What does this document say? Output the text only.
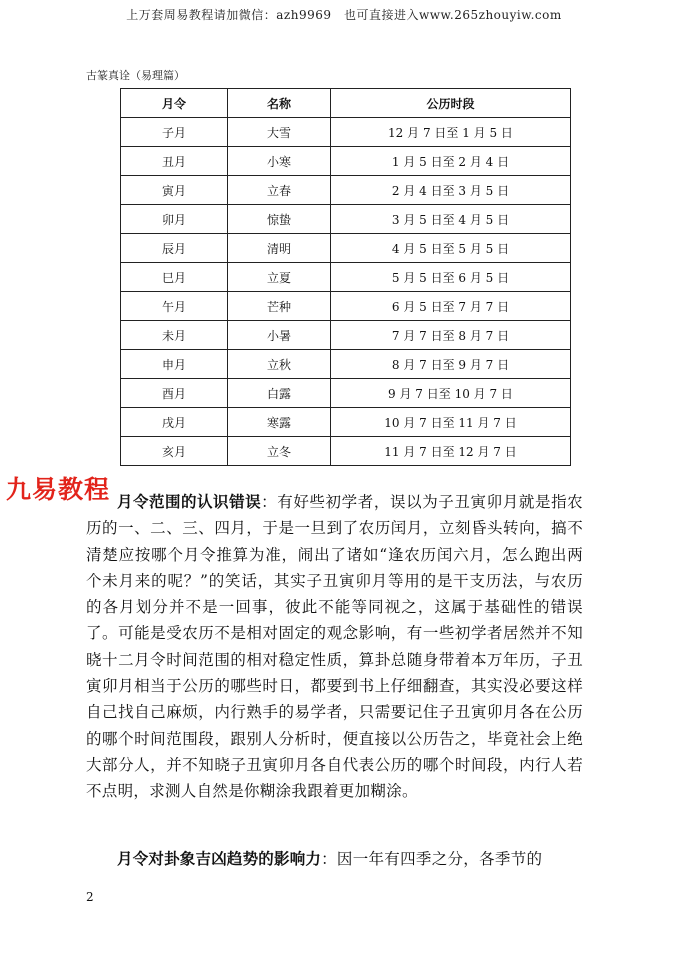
上万套周易教程请加微信：azh9969　也可直接进入www.265zhouyiw.com
古篆真诠（易理篇）
月令	名称	公历时段
子月	大雪	12 月 7 日至 1 月 5 日
丑月	小寒	1 月 5 日至 2 月 4 日
寅月	立春	2 月 4 日至 3 月 5 日
卯月	惊蛰	3 月 5 日至 4 月 5 日
辰月	清明	4 月 5 日至 5 月 5 日
巳月	立夏	5 月 5 日至 6 月 5 日
午月	芒种	6 月 5 日至 7 月 7 日
未月	小暑	7 月 7 日至 8 月 7 日
申月	立秋	8 月 7 日至 9 月 7 日
酉月	白露	9 月 7 日至 10 月 7 日
戌月	寒露	10 月 7 日至 11 月 7 日
亥月	立冬	11 月 7 日至 12 月 7 日
九易教程 月令范围的认识错误：有好些初学者，误以为子丑寅卯月就是指农历的一、二、三、四月，于是一旦到了农历闰月，立刻昏头转向，搞不清楚应按哪个月令推算为准，闹出了诸如“逢农历闰六月，怎么跑出两个未月来的呢？”的笑话，其实子丑寅卯月等用的是干支历法，与农历的各月划分并不是一回事，彼此不能等同视之，这属于基础性的错误了。可能是受农历不是相对固定的观念影响，有一些初学者居然并不知晓十二月令时间范围的相对稳定性质，算卦总随身带着本万年历，子丑寅卯月相当于公历的哪些时日，都要到书上仔细翻查，其实没必要这样自己找自己麻烦，内行熟手的易学者，只需要记住子丑寅卯月各在公历的哪个时间范围段，跟别人分析时，便直接以公历告之，毕竟社会上绝大部分人，并不知晓子丑寅卯月各自代表公历的哪个时间段，内行人若不点明，求测人自然是你糊涂我跟着更加糊涂。

月令对卦象吉凶趋势的影响力：因一年有四季之分，各季节的

2
